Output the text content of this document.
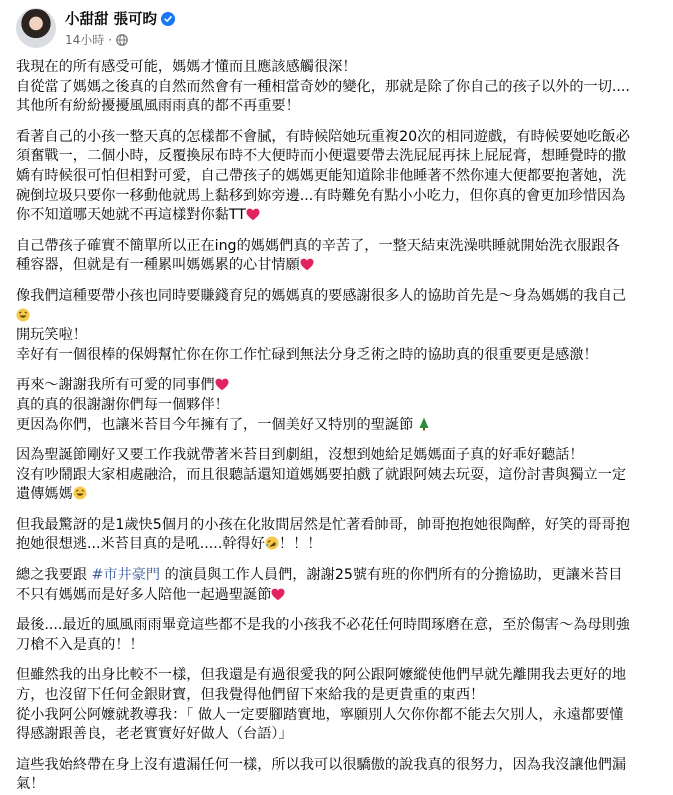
小甜甜 張可昀
14小時 ·

我現在的所有感受可能，媽媽才懂而且應該感觸很深！
自從當了媽媽之後真的自然而然會有一種相當奇妙的變化，那就是除了你自己的孩子以外的一切....
其他所有紛紛擾擾風風雨雨真的都不再重要！

看著自己的小孩一整天真的怎樣都不會膩，有時候陪她玩重複20次的相同遊戲，有時候要她吃飯必
須奮戰一，二個小時，反覆換尿布時不大便時而小便還要帶去洗屁屁再抹上屁屁膏，想睡覺時的撒
嬌有時候很可怕但相對可愛，自己帶孩子的媽媽更能知道除非他睡著不然你連大便都要抱著她，洗
碗倒垃圾只要你一移動他就馬上黏移到妳旁邊...有時難免有點小小吃力，但你真的會更加珍惜因為
你不知道哪天她就不再這樣對你黏TT

自己帶孩子確實不簡單所以正在ing的媽媽們真的辛苦了，一整天結束洗澡哄睡就開始洗衣服跟各
種容器，但就是有一種累叫媽媽累的心甘情願

像我們這種要帶小孩也同時要賺錢育兒的媽媽真的要感謝很多人的協助首先是～身為媽媽的我自己
開玩笑啦！
幸好有一個很棒的保姆幫忙你在你工作忙碌到無法分身乏術之時的協助真的很重要更是感激！

再來～謝謝我所有可愛的同事們
真的真的很謝謝你們每一個夥伴！
更因為你們，也讓米苔目今年擁有了，一個美好又特別的聖誕節

因為聖誕節剛好又要工作我就帶著米苔目到劇組，沒想到她給足媽媽面子真的好乖好聽話！
沒有吵鬧跟大家相處融洽，而且很聽話還知道媽媽要拍戲了就跟阿姨去玩耍，這份討書與獨立一定
遺傳媽媽

但我最驚訝的是1歲快5個月的小孩在化妝間居然是忙著看帥哥，帥哥抱抱她很陶醉，好笑的哥哥抱
抱她很想逃...米苔目真的是吼.....幹得好 ！！！

總之我要跟 #市井豪門 的演員與工作人員們，謝謝25號有班的你們所有的分擔協助，更讓米苔目
不只有媽媽而是好多人陪他一起過聖誕節

最後....最近的風風雨雨畢竟這些都不是我的小孩我不必花任何時間琢磨在意，至於傷害～為母則強
刀槍不入是真的！！

但雖然我的出身比較不一樣，但我還是有過很愛我的阿公跟阿嬤縱使他們早就先離開我去更好的地
方，也沒留下任何金銀財寶，但我覺得他們留下來給我的是更貴重的東西！
從小我阿公阿嬤就教導我：「 做人一定要腳踏實地，寧願別人欠你你都不能去欠別人，永遠都要懂
得感謝跟善良，老老實實好好做人（台語）」

這些我始終帶在身上沒有遺漏任何一樣，所以我可以很驕傲的說我真的很努力，因為我沒讓他們漏
氣！
